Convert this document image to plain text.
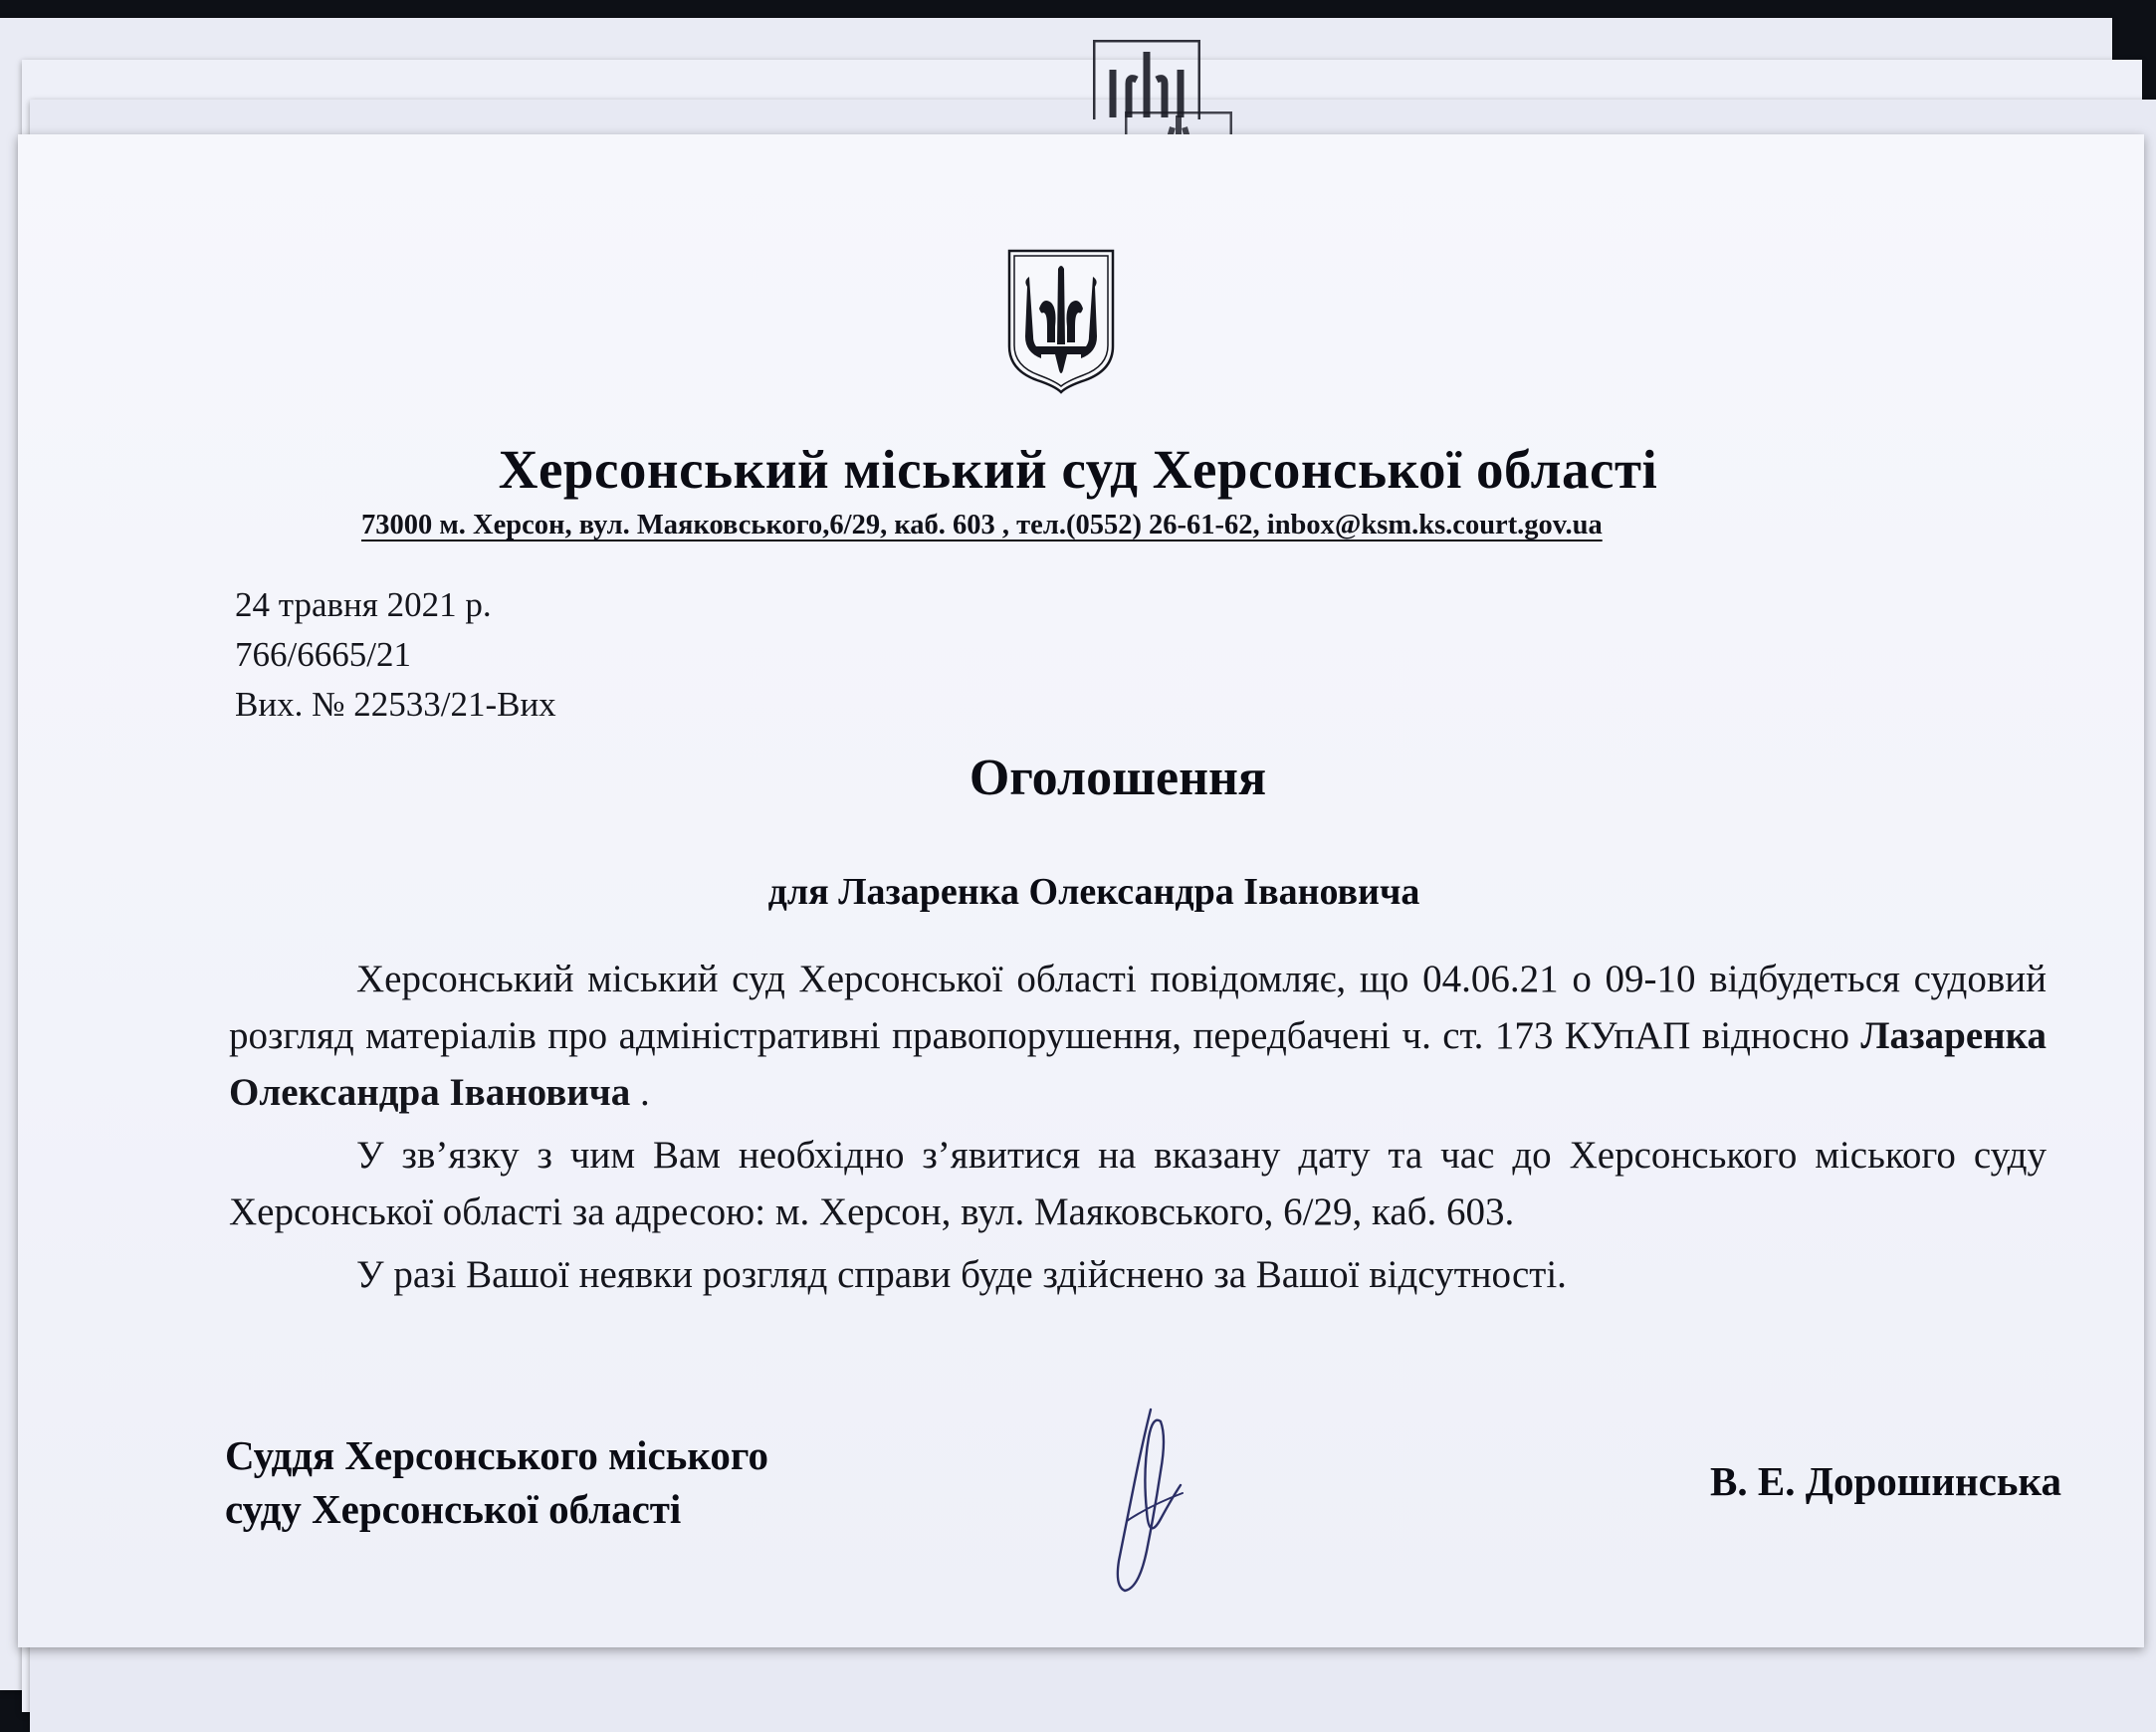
Херсонський міський суд Херсонської області
73000 м. Херсон, вул. Маяковського,6/29, каб. 603 , тел.(0552) 26-61-62, inbox@ksm.ks.court.gov.ua
24 травня 2021 р.
766/6665/21
Вих. № 22533/21-Вих
Оголошення
для Лазаренка Олександра Івановича

Херсонський міський суд Херсонської області повідомляє, що 04.06.21 о 09-10 відбудеться судовий розгляд матеріалів про адміністративні правопорушення, передбачені ч. ст. 173 КУпАП відносно Лазаренка Олександра Івановича .

У зв’язку з чим Вам необхідно з’явитися на вказану дату та час до Херсонського міського суду Херсонської області за адресою: м. Херсон, вул. Маяковського, 6/29, каб. 603.

У разі Вашої неявки розгляд справи буде здійснено за Вашої відсутності.

Суддя Херсонського міського
суду Херсонської області
В. Е. Дорошинська
